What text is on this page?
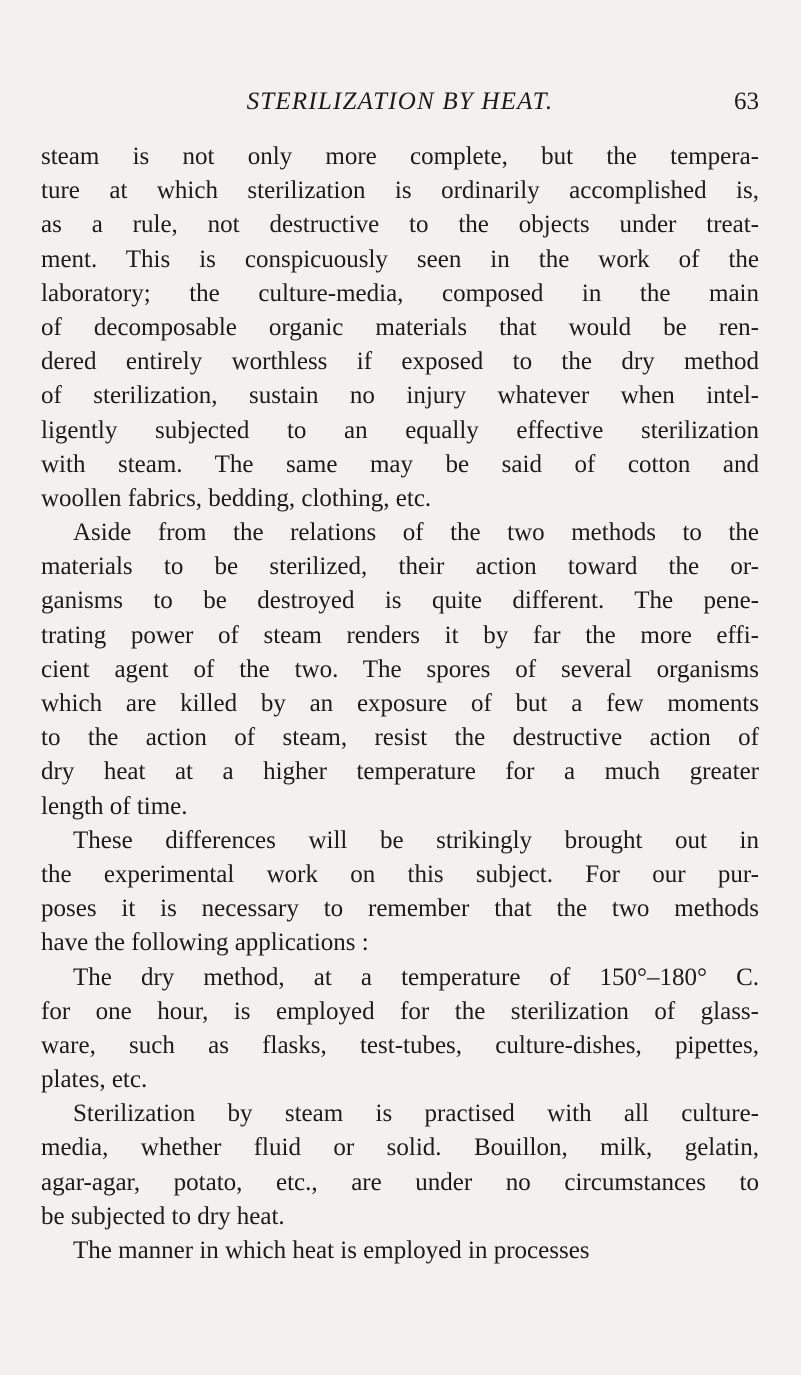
STERILIZATION BY HEAT.	63
steam is not only more complete, but the tempera-
ture at which sterilization is ordinarily accomplished is,
as a rule, not destructive to the objects under treat-
ment. This is conspicuously seen in the work of the
laboratory; the culture-media, composed in the main
of decomposable organic materials that would be ren-
dered entirely worthless if exposed to the dry method
of sterilization, sustain no injury whatever when intel-
ligently subjected to an equally effective sterilization
with steam. The same may be said of cotton and
woollen fabrics, bedding, clothing, etc.
Aside from the relations of the two methods to the
materials to be sterilized, their action toward the or-
ganisms to be destroyed is quite different. The pene-
trating power of steam renders it by far the more effi-
cient agent of the two. The spores of several organisms
which are killed by an exposure of but a few moments
to the action of steam, resist the destructive action of
dry heat at a higher temperature for a much greater
length of time.
These differences will be strikingly brought out in
the experimental work on this subject. For our pur-
poses it is necessary to remember that the two methods
have the following applications :
The dry method, at a temperature of 150°–180° C.
for one hour, is employed for the sterilization of glass-
ware, such as flasks, test-tubes, culture-dishes, pipettes,
plates, etc.
Sterilization by steam is practised with all culture-
media, whether fluid or solid. Bouillon, milk, gelatin,
agar-agar, potato, etc., are under no circumstances to
be subjected to dry heat.
The manner in which heat is employed in processes
